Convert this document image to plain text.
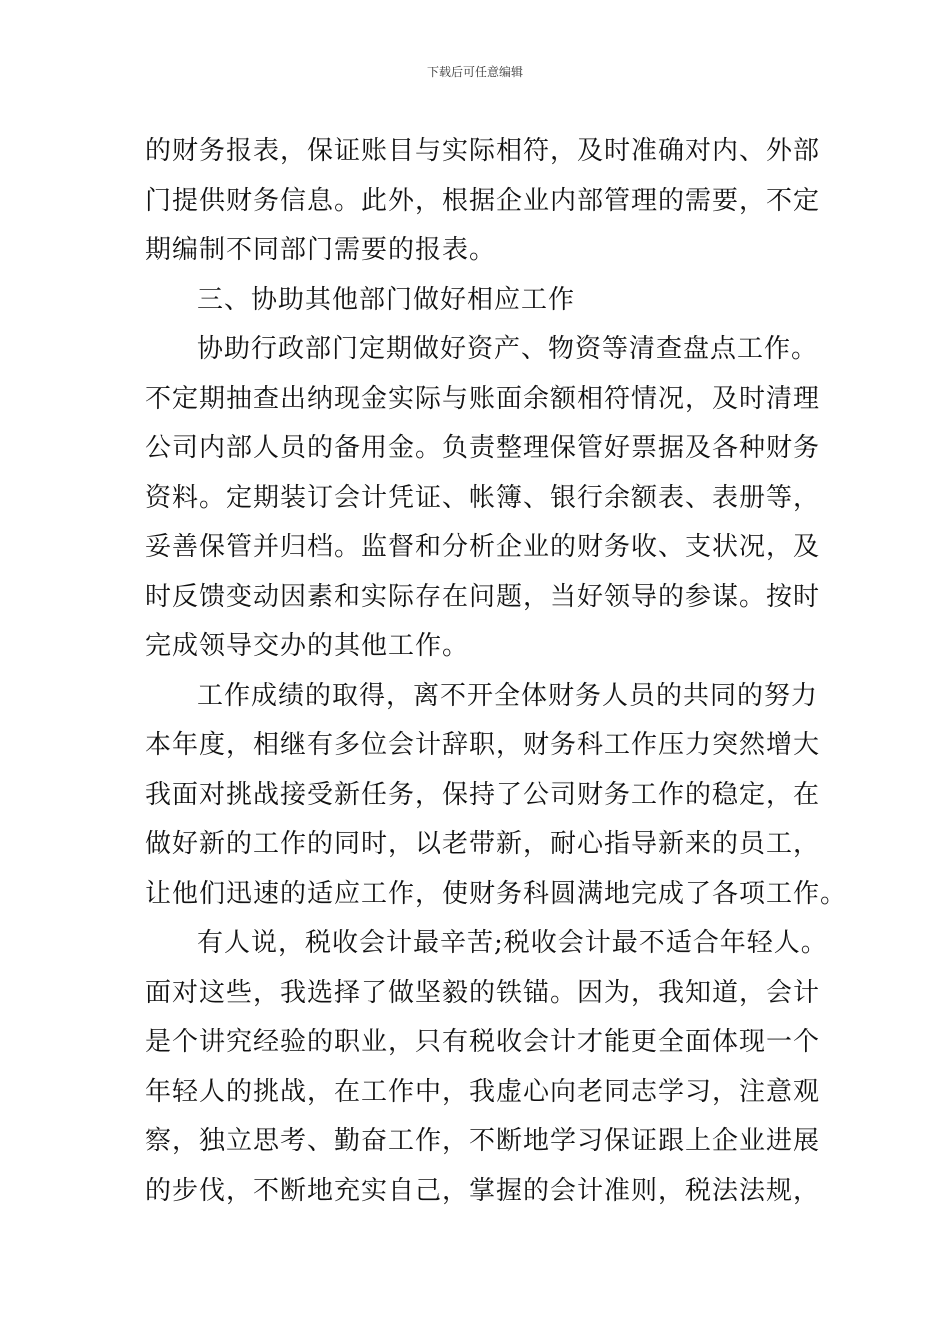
下载后可任意编辑
的财务报表，保证账目与实际相符，及时准确对内、外部
门提供财务信息。此外，根据企业内部管理的需要，不定
期编制不同部门需要的报表。
三、协助其他部门做好相应工作
协助行政部门定期做好资产、物资等清查盘点工作。
不定期抽查出纳现金实际与账面余额相符情况，及时清理
公司内部人员的备用金。负责整理保管好票据及各种财务
资料。定期装订会计凭证、帐簿、银行余额表、表册等，
妥善保管并归档。监督和分析企业的财务收、支状况，及
时反馈变动因素和实际存在问题，当好领导的参谋。按时
完成领导交办的其他工作。
工作成绩的取得，离不开全体财务人员的共同的努力
本年度，相继有多位会计辞职，财务科工作压力突然增大
我面对挑战接受新任务，保持了公司财务工作的稳定，在
做好新的工作的同时，以老带新，耐心指导新来的员工，
让他们迅速的适应工作，使财务科圆满地完成了各项工作。
有人说，税收会计最辛苦;税收会计最不适合年轻人。
面对这些，我选择了做坚毅的铁锚。因为，我知道，会计
是个讲究经验的职业，只有税收会计才能更全面体现一个
年轻人的挑战，在工作中，我虚心向老同志学习，注意观
察，独立思考、勤奋工作，不断地学习保证跟上企业进展
的步伐，不断地充实自己，掌握的会计准则，税法法规，
